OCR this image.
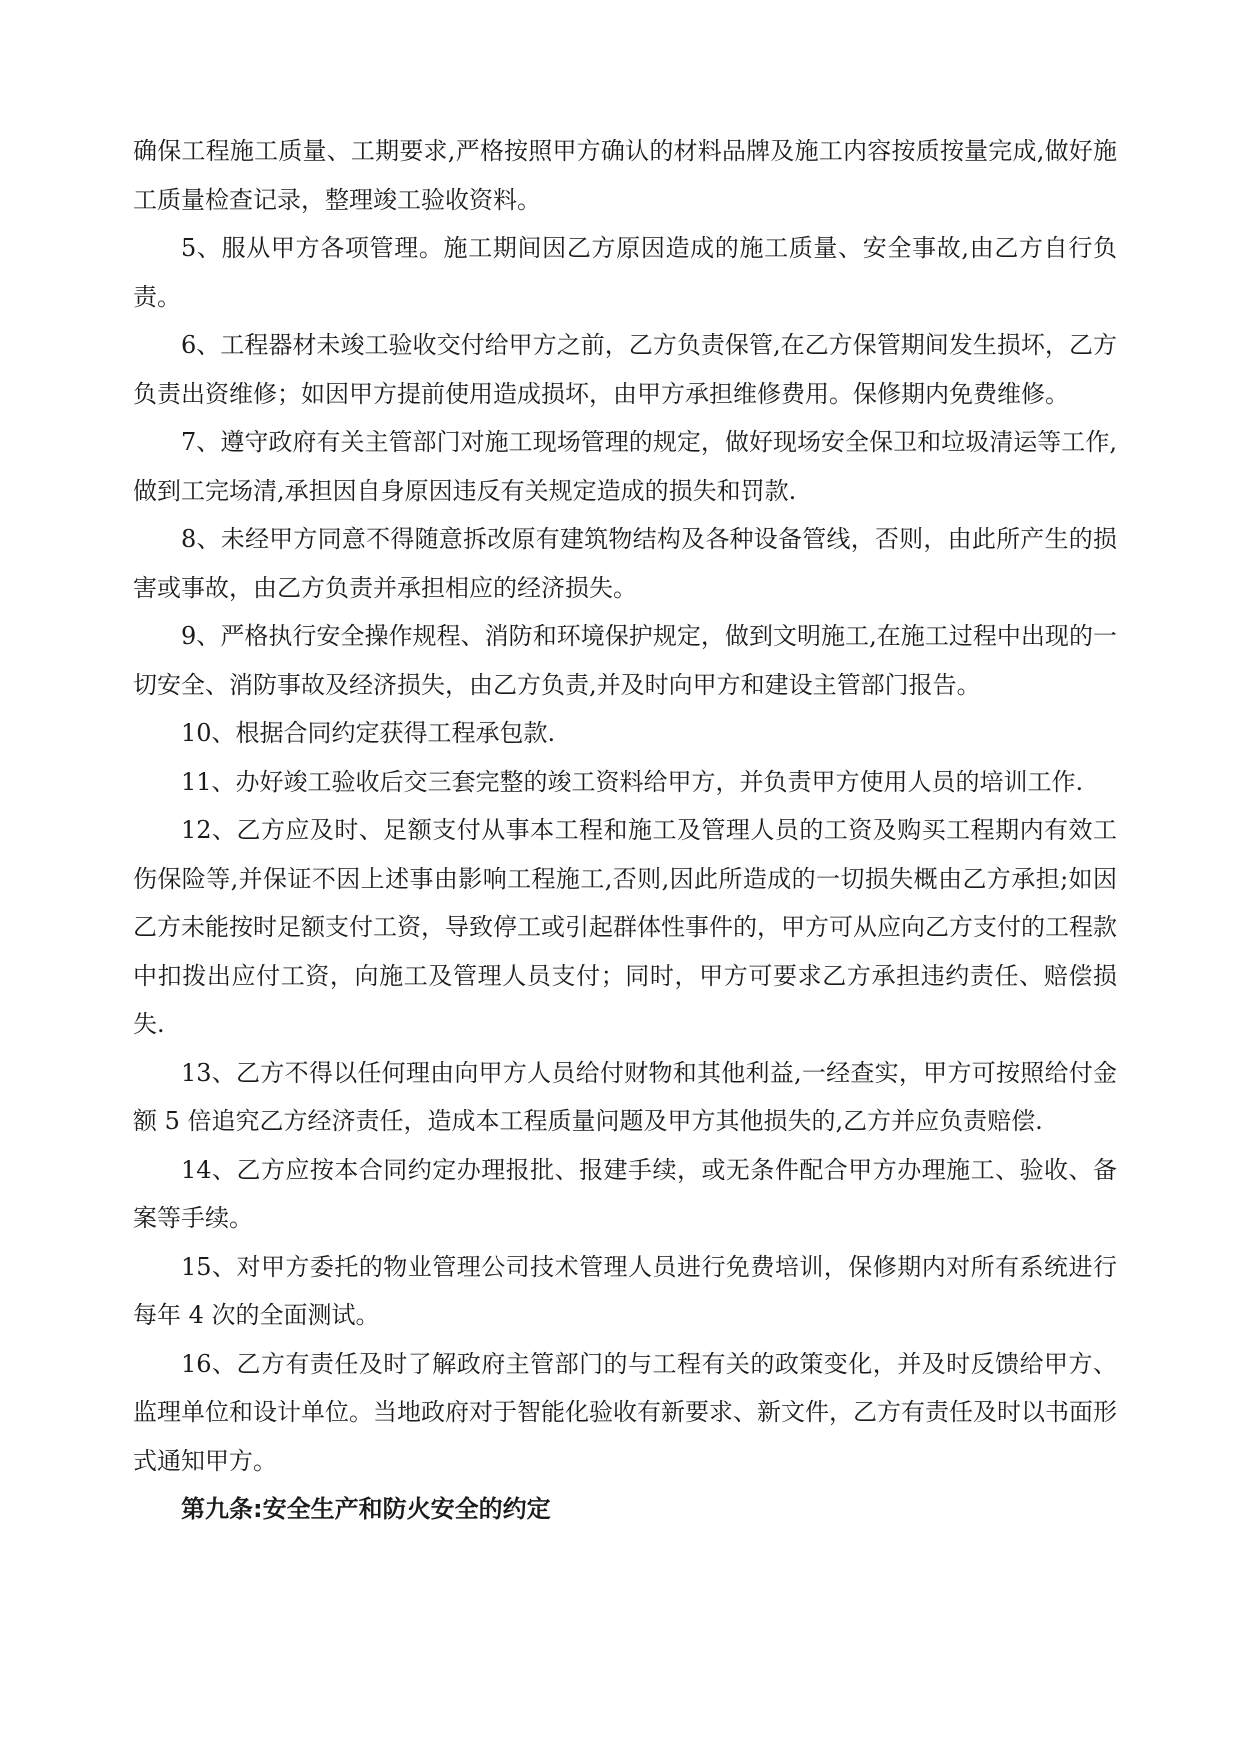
确保工程施工质量、工期要求,严格按照甲方确认的材料品牌及施工内容按质按量完成,做好施工质量检查记录，整理竣工验收资料。

5、服从甲方各项管理。施工期间因乙方原因造成的施工质量、安全事故,由乙方自行负责。

6、工程器材未竣工验收交付给甲方之前，乙方负责保管,在乙方保管期间发生损坏，乙方负责出资维修；如因甲方提前使用造成损坏，由甲方承担维修费用。保修期内免费维修。

7、遵守政府有关主管部门对施工现场管理的规定，做好现场安全保卫和垃圾清运等工作,做到工完场清,承担因自身原因违反有关规定造成的损失和罚款.

8、未经甲方同意不得随意拆改原有建筑物结构及各种设备管线，否则，由此所产生的损害或事故，由乙方负责并承担相应的经济损失。

9、严格执行安全操作规程、消防和环境保护规定，做到文明施工,在施工过程中出现的一切安全、消防事故及经济损失，由乙方负责,并及时向甲方和建设主管部门报告。

10、根据合同约定获得工程承包款.

11、办好竣工验收后交三套完整的竣工资料给甲方，并负责甲方使用人员的培训工作.

12、乙方应及时、足额支付从事本工程和施工及管理人员的工资及购买工程期内有效工伤保险等,并保证不因上述事由影响工程施工,否则,因此所造成的一切损失概由乙方承担;如因乙方未能按时足额支付工资，导致停工或引起群体性事件的，甲方可从应向乙方支付的工程款中扣拨出应付工资，向施工及管理人员支付；同时，甲方可要求乙方承担违约责任、赔偿损失.

13、乙方不得以任何理由向甲方人员给付财物和其他利益,一经查实，甲方可按照给付金额 5 倍追究乙方经济责任，造成本工程质量问题及甲方其他损失的,乙方并应负责赔偿.

14、乙方应按本合同约定办理报批、报建手续，或无条件配合甲方办理施工、验收、备案等手续。

15、对甲方委托的物业管理公司技术管理人员进行免费培训，保修期内对所有系统进行每年 4 次的全面测试。

16、乙方有责任及时了解政府主管部门的与工程有关的政策变化，并及时反馈给甲方、监理单位和设计单位。当地政府对于智能化验收有新要求、新文件，乙方有责任及时以书面形式通知甲方。

第九条:安全生产和防火安全的约定
